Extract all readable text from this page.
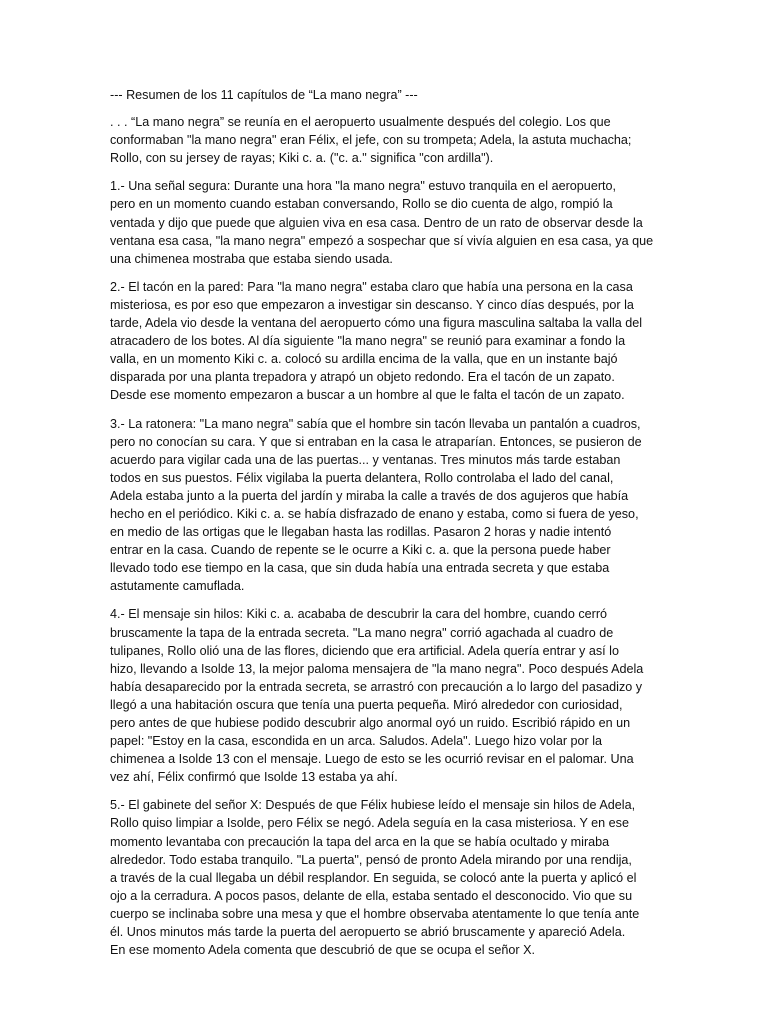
--- Resumen de los 11 capítulos de “La mano negra” ---
. . . “La mano negra” se reunía en el aeropuerto usualmente después del colegio. Los que
conformaban "la mano negra" eran Félix, el jefe, con su trompeta; Adela, la astuta muchacha;
Rollo, con su jersey de rayas; Kiki c. a. ("c. a." significa "con ardilla").
1.- Una señal segura: Durante una hora "la mano negra" estuvo tranquila en el aeropuerto,
pero en un momento cuando estaban conversando, Rollo se dio cuenta de algo, rompió la
ventada y dijo que puede que alguien viva en esa casa. Dentro de un rato de observar desde la
ventana esa casa, "la mano negra" empezó a sospechar que sí vivía alguien en esa casa, ya que
una chimenea mostraba que estaba siendo usada.
2.- El tacón en la pared: Para "la mano negra" estaba claro que había una persona en la casa
misteriosa, es por eso que empezaron a investigar sin descanso. Y cinco días después, por la
tarde, Adela vio desde la ventana del aeropuerto cómo una figura masculina saltaba la valla del
atracadero de los botes. Al día siguiente "la mano negra" se reunió para examinar a fondo la
valla, en un momento Kiki c. a. colocó su ardilla encima de la valla, que en un instante bajó
disparada por una planta trepadora y atrapó un objeto redondo. Era el tacón de un zapato.
Desde ese momento empezaron a buscar a un hombre al que le falta el tacón de un zapato.
3.- La ratonera: "La mano negra" sabía que el hombre sin tacón llevaba un pantalón a cuadros,
pero no conocían su cara. Y que si entraban en la casa le atraparían. Entonces, se pusieron de
acuerdo para vigilar cada una de las puertas... y ventanas. Tres minutos más tarde estaban
todos en sus puestos. Félix vigilaba la puerta delantera, Rollo controlaba el lado del canal,
Adela estaba junto a la puerta del jardín y miraba la calle a través de dos agujeros que había
hecho en el periódico. Kiki c. a. se había disfrazado de enano y estaba, como si fuera de yeso,
en medio de las ortigas que le llegaban hasta las rodillas. Pasaron 2 horas y nadie intentó
entrar en la casa. Cuando de repente se le ocurre a Kiki c. a. que la persona puede haber
llevado todo ese tiempo en la casa, que sin duda había una entrada secreta y que estaba
astutamente camuflada.
4.- El mensaje sin hilos: Kiki c. a. acababa de descubrir la cara del hombre, cuando cerró
bruscamente la tapa de la entrada secreta. "La mano negra" corrió agachada al cuadro de
tulipanes, Rollo olió una de las flores, diciendo que era artificial. Adela quería entrar y así lo
hizo, llevando a Isolde 13, la mejor paloma mensajera de "la mano negra". Poco después Adela
había desaparecido por la entrada secreta, se arrastró con precaución a lo largo del pasadizo y
llegó a una habitación oscura que tenía una puerta pequeña. Miró alrededor con curiosidad,
pero antes de que hubiese podido descubrir algo anormal oyó un ruido. Escribió rápido en un
papel: "Estoy en la casa, escondida en un arca. Saludos. Adela". Luego hizo volar por la
chimenea a Isolde 13 con el mensaje. Luego de esto se les ocurrió revisar en el palomar. Una
vez ahí, Félix confirmó que Isolde 13 estaba ya ahí.
5.- El gabinete del señor X: Después de que Félix hubiese leído el mensaje sin hilos de Adela,
Rollo quiso limpiar a Isolde, pero Félix se negó. Adela seguía en la casa misteriosa. Y en ese
momento levantaba con precaución la tapa del arca en la que se había ocultado y miraba
alrededor. Todo estaba tranquilo. "La puerta", pensó de pronto Adela mirando por una rendija,
a través de la cual llegaba un débil resplandor. En seguida, se colocó ante la puerta y aplicó el
ojo a la cerradura. A pocos pasos, delante de ella, estaba sentado el desconocido. Vio que su
cuerpo se inclinaba sobre una mesa y que el hombre observaba atentamente lo que tenía ante
él. Unos minutos más tarde la puerta del aeropuerto se abrió bruscamente y apareció Adela.
En ese momento Adela comenta que descubrió de que se ocupa el señor X.
